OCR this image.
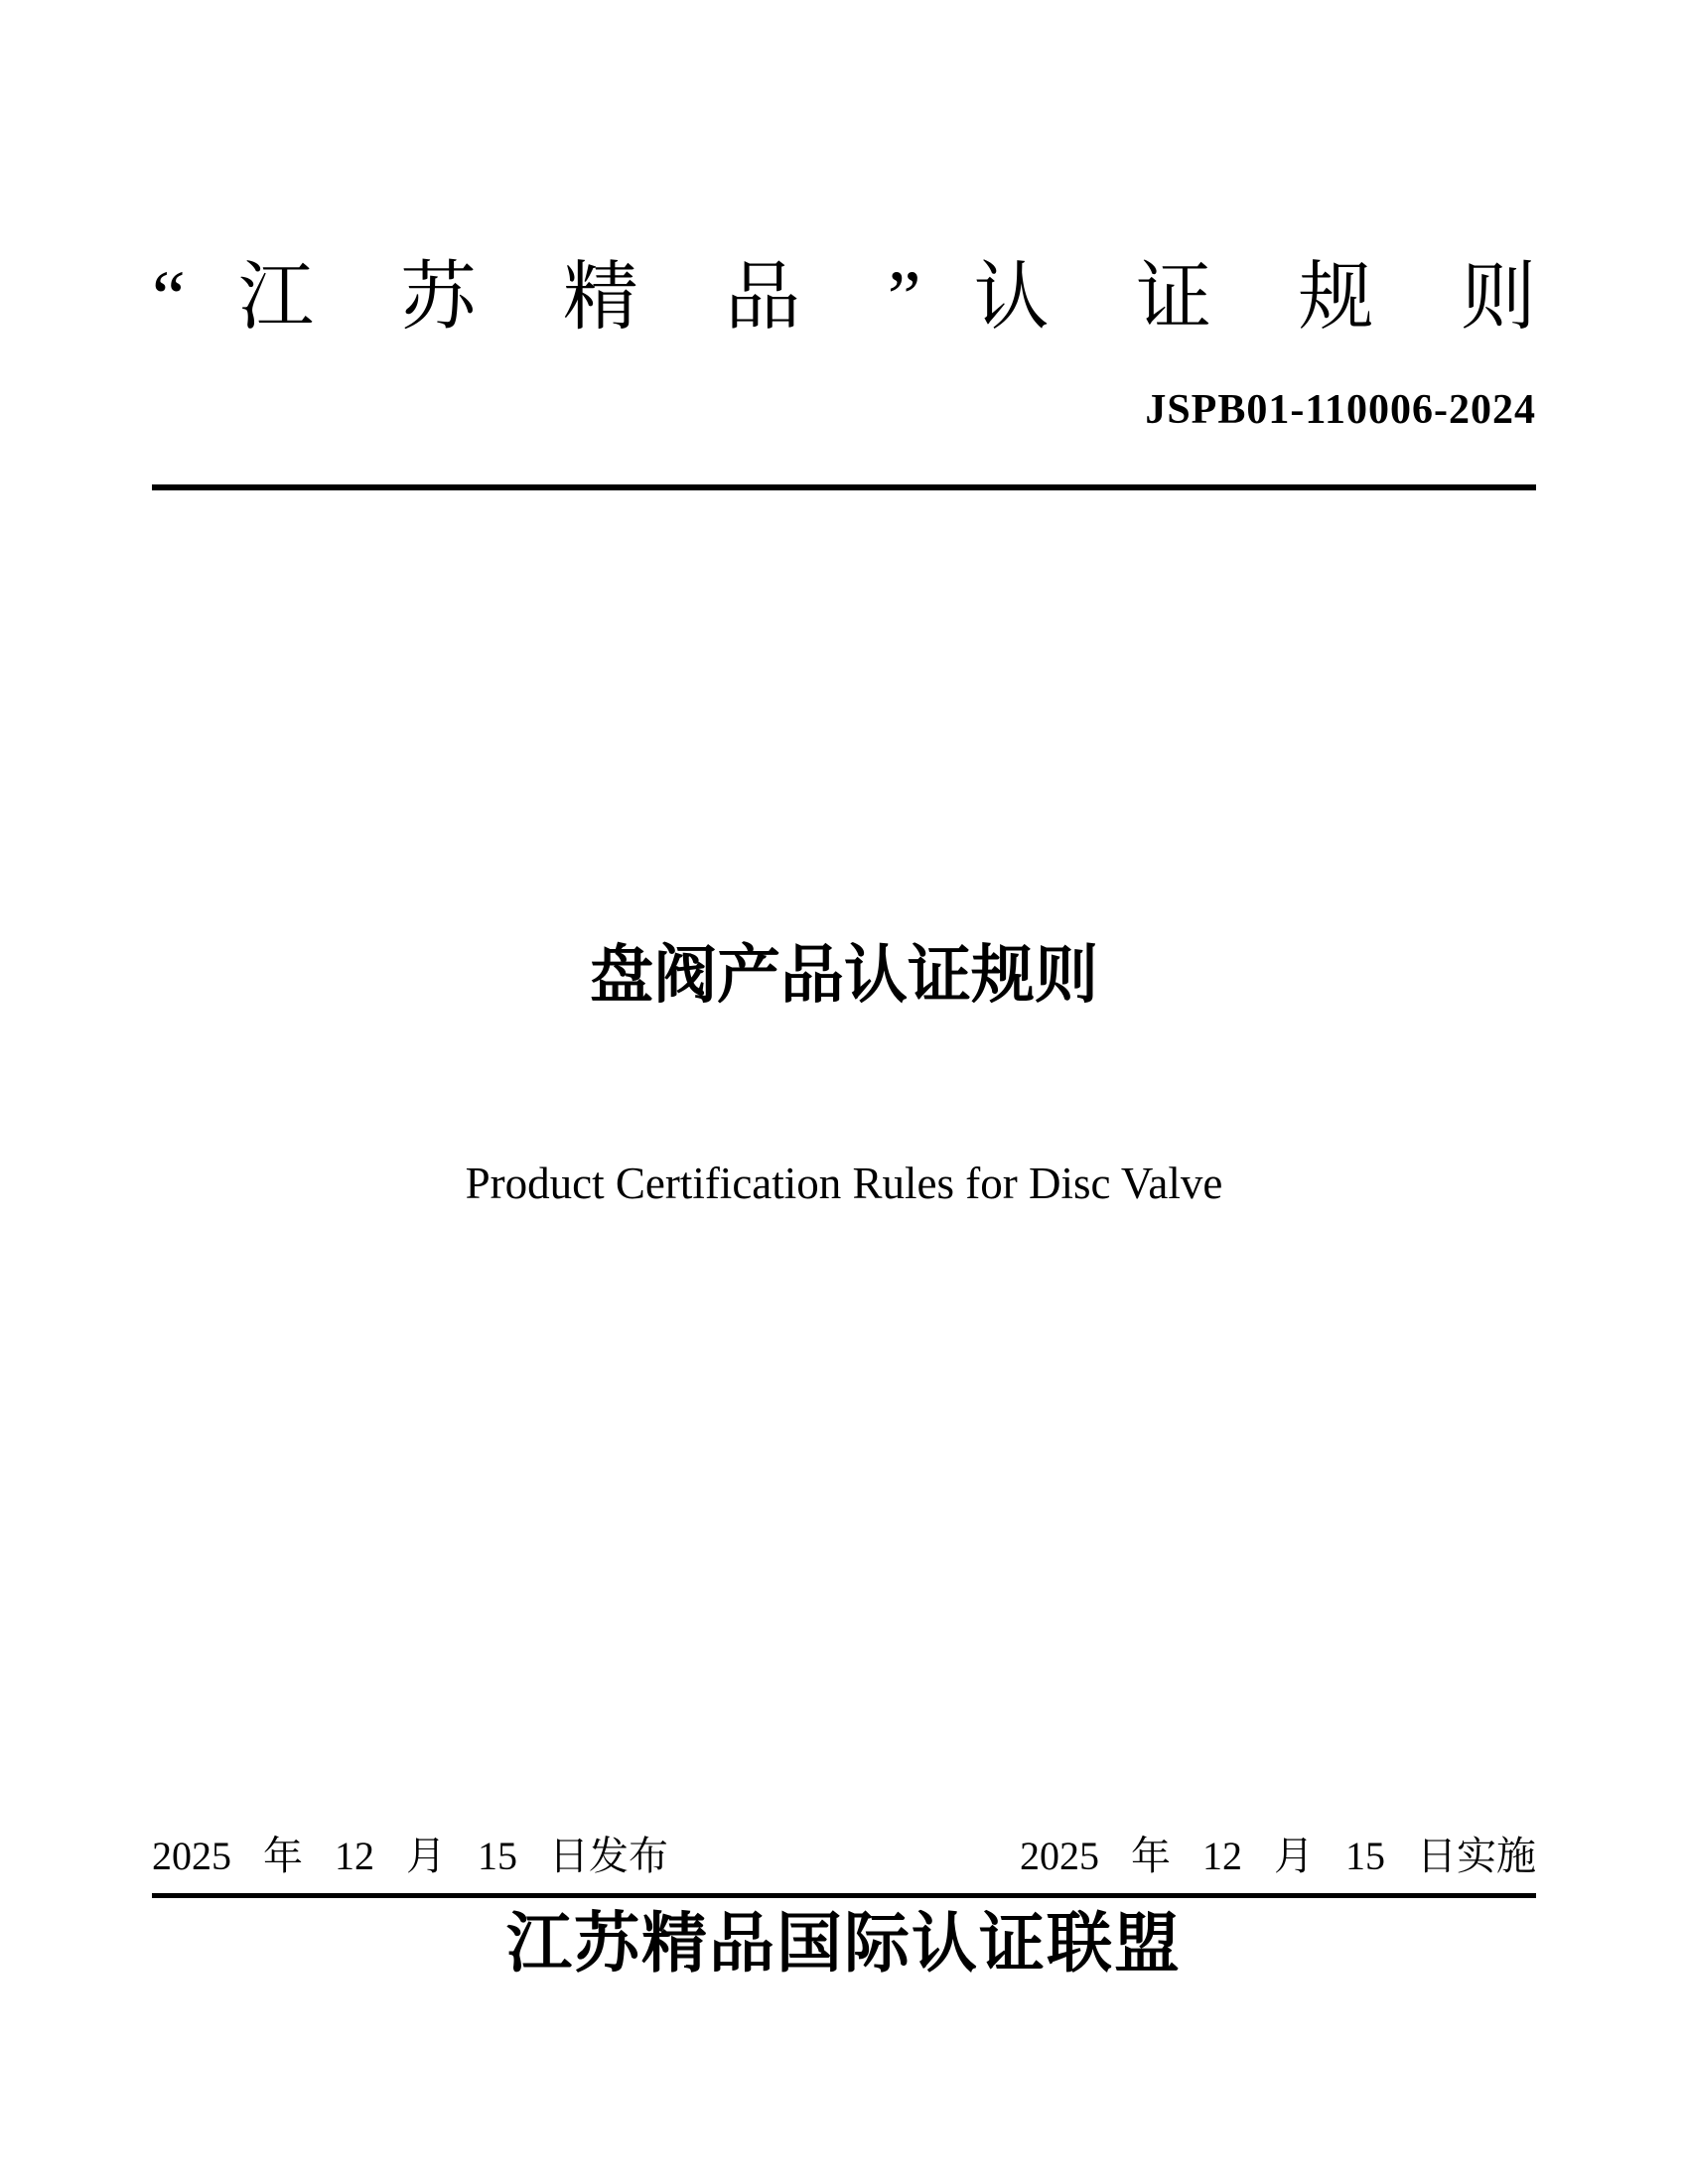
“ 江 苏 精 品 ” 认 证 规 则
JSPB01-110006-2024
盘阀产品认证规则
Product Certification Rules for Disc Valve
2025 年 12 月 15 日发布	2025 年 12 月 15 日实施
江苏精品国际认证联盟
